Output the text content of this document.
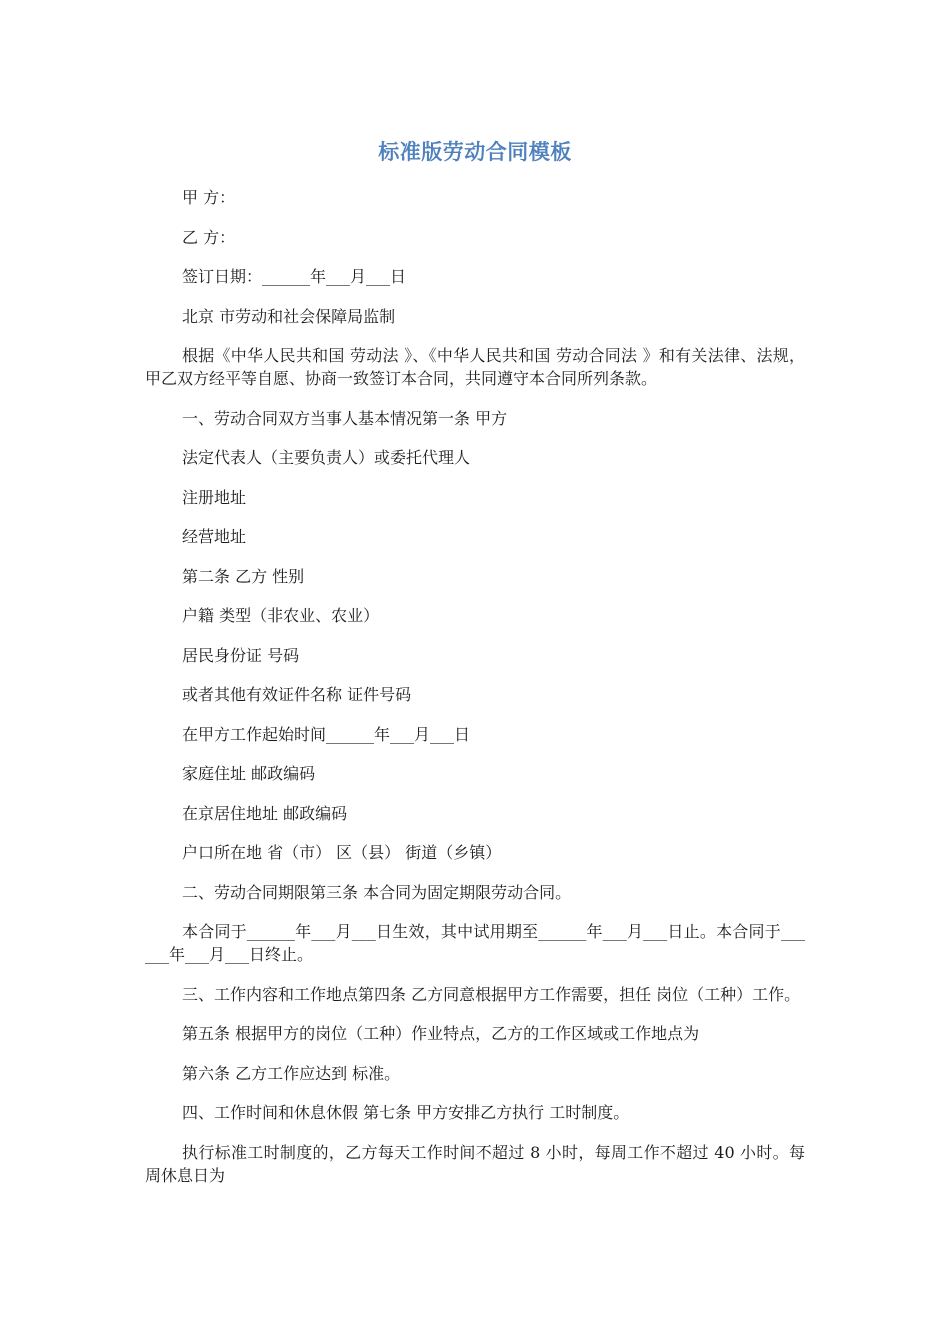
标准版劳动合同模板

甲 方：

乙 方：

签订日期：______年___月___日

北京 市劳动和社会保障局监制

根据《中华人民共和国 劳动法 》、《中华人民共和国 劳动合同法 》和有关法律、法规，甲乙双方经平等自愿、协商一致签订本合同，共同遵守本合同所列条款。

一、劳动合同双方当事人基本情况第一条 甲方

法定代表人（主要负责人）或委托代理人

注册地址

经营地址

第二条 乙方 性别

户籍 类型（非农业、农业）

居民身份证 号码

或者其他有效证件名称 证件号码

在甲方工作起始时间______年___月___日

家庭住址 邮政编码

在京居住地址 邮政编码

户口所在地 省（市） 区（县） 街道（乡镇）

二、劳动合同期限第三条 本合同为固定期限劳动合同。

本合同于______年___月___日生效，其中试用期至______年___月___日止。本合同于______年___月___日终止。

三、工作内容和工作地点第四条 乙方同意根据甲方工作需要，担任 岗位（工种）工作。

第五条 根据甲方的岗位（工种）作业特点，乙方的工作区域或工作地点为

第六条 乙方工作应达到 标准。

四、工作时间和休息休假 第七条 甲方安排乙方执行 工时制度。

执行标准工时制度的，乙方每天工作时间不超过 8 小时，每周工作不超过 40 小时。每周休息日为
